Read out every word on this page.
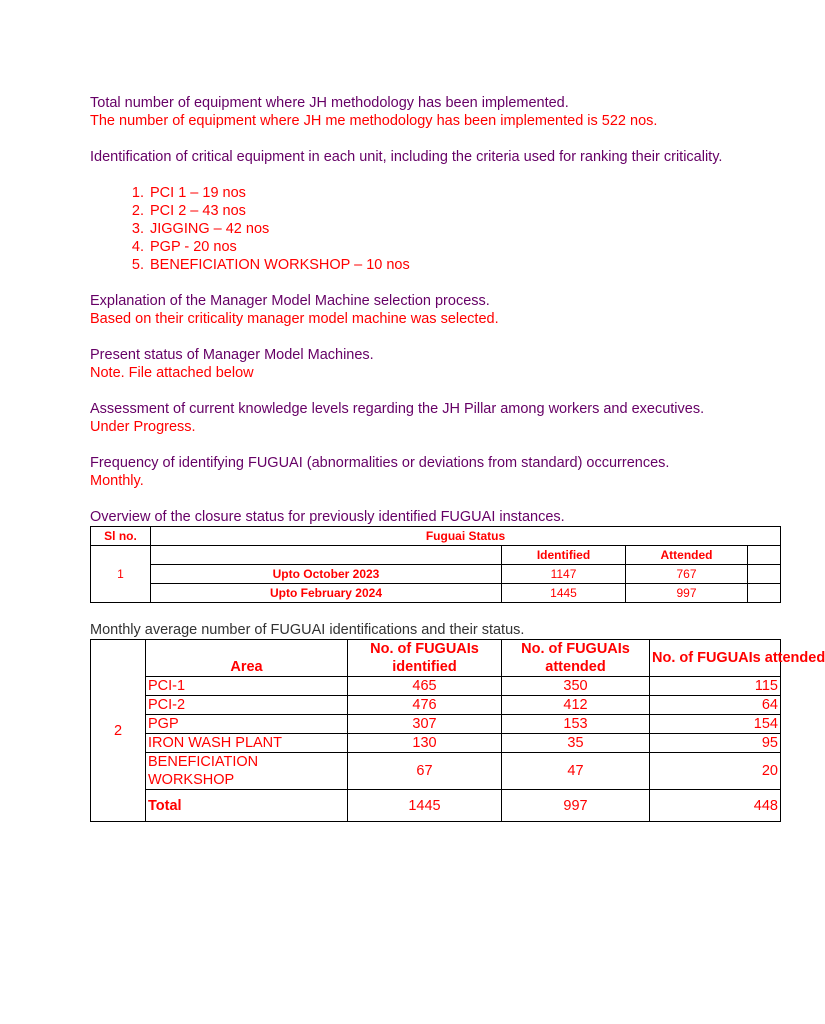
Total number of equipment where JH methodology has been implemented.

The number of equipment where JH me methodology has been implemented is 522 nos.

Identification of critical equipment in each unit, including the criteria used for ranking their criticality.

1. PCI 1 – 19 nos
2. PCI 2 – 43 nos
3. JIGGING – 42 nos
4. PGP - 20 nos
5. BENEFICIATION WORKSHOP – 10 nos

Explanation of the Manager Model Machine selection process.

Based on their criticality manager model machine was selected.

Present status of Manager Model Machines.

Note. File attached below

Assessment of current knowledge levels regarding the JH Pillar among workers and executives.

Under Progress.

Frequency of identifying FUGUAI (abnormalities or deviations from standard) occurrences.

Monthly.

Overview of the closure status for previously identified FUGUAI instances.

Sl no.	Fuguai Status			
1		Identified	Attended	
	Upto October 2023	1147	767	
	Upto February 2024	1445	997	

Monthly average number of FUGUAI identifications and their status.

2	Area	No. of FUGUAIs identified	No. of FUGUAIs attended	No. of FUGUAIs attended
	PCI-1	465	350	115
	PCI-2	476	412	64
	PGP	307	153	154
	IRON WASH PLANT	130	35	95
	BENEFICIATION WORKSHOP	67	47	20
	Total	1445	997	448
